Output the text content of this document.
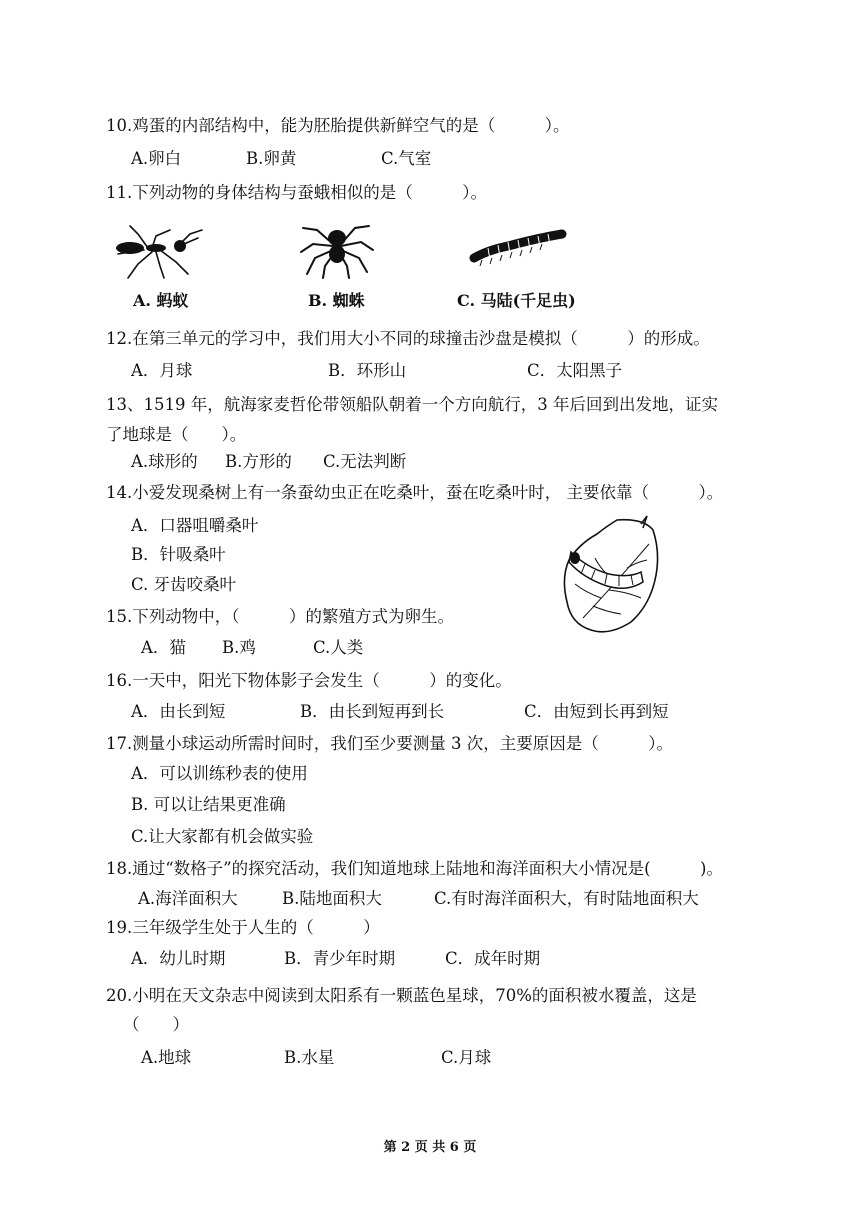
10.鸡蛋的内部结构中，能为胚胎提供新鲜空气的是（　　　）。
A.卵白	B.卵黄	C.气室
11.下列动物的身体结构与蚕蛾相似的是（　　　）。
A. 蚂蚁	B. 蜘蛛	C. 马陆(千足虫)
12.在第三单元的学习中，我们用大小不同的球撞击沙盘是模拟（　　　）的形成。
A．月球	B．环形山	C．太阳黑子
13、1519 年，航海家麦哲伦带领船队朝着一个方向航行，3 年后回到出发地，证实
了地球是（　　）。
A.球形的 B.方形的 C.无法判断
14.小爱发现桑树上有一条蚕幼虫正在吃桑叶，蚕在吃桑叶时， 主要依靠（　　　）。
A．口器咀嚼桑叶
B．针吸桑叶
C. 牙齿咬桑叶
15.下列动物中，（　　　）的繁殖方式为卵生。
A．猫 B.鸡	C.人类
16.一天中，阳光下物体影子会发生（　　　）的变化。
A．由长到短	B．由长到短再到长	C．由短到长再到短
17.测量小球运动所需时间时，我们至少要测量 3 次，主要原因是（　　　）。
A．可以训练秒表的使用
B. 可以让结果更准确
C.让大家都有机会做实验
18.通过“数格子”的探究活动，我们知道地球上陆地和海洋面积大小情况是(　　　)。
A.海洋面积大	B.陆地面积大	C.有时海洋面积大，有时陆地面积大
19.三年级学生处于人生的（　　　）
A．幼儿时期	B．青少年时期	C．成年时期
20.小明在天文杂志中阅读到太阳系有一颗蓝色星球，70%的面积被水覆盖，这是
（　　）
A.地球	B.水星	C.月球
第 2 页 共 6 页
